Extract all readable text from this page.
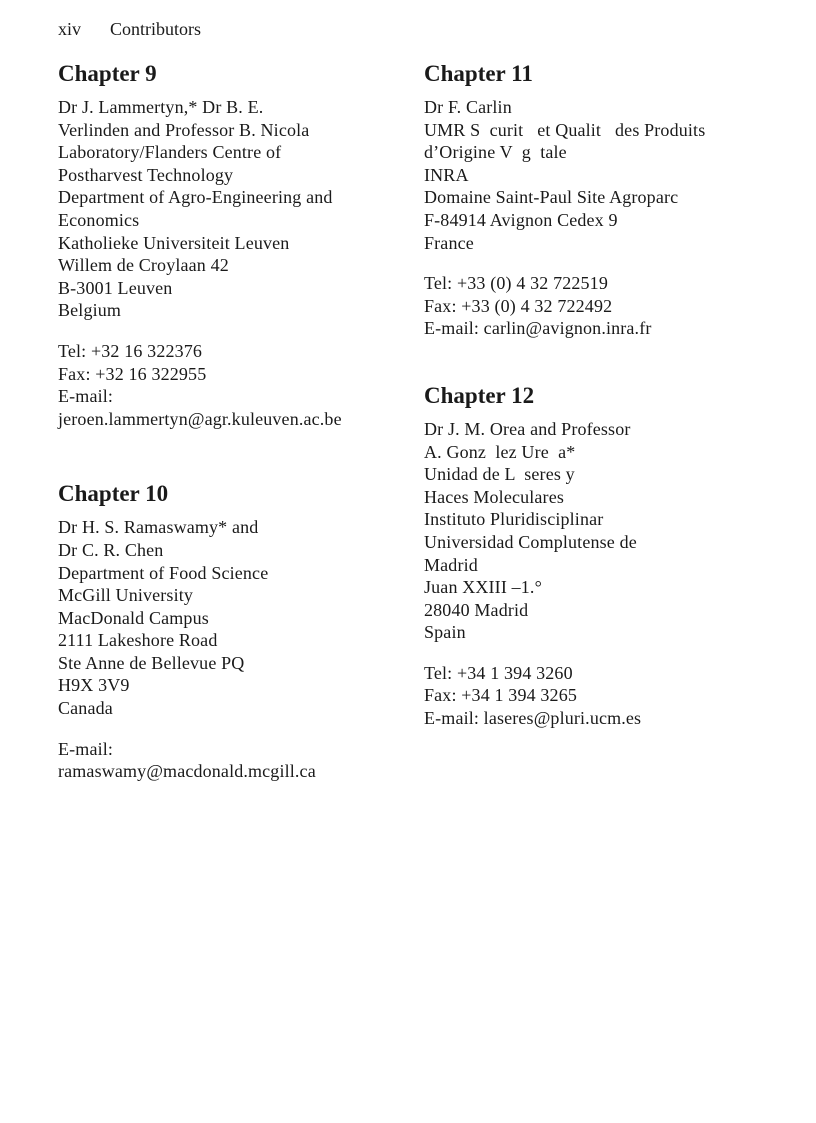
xiv Contributors
Chapter 9
Dr J. Lammertyn,* Dr B. E.
Verlinden and Professor B. Nicola
Laboratory/Flanders Centre of
Postharvest Technology
Department of Agro-Engineering and
Economics
Katholieke Universiteit Leuven
Willem de Croylaan 42
B-3001 Leuven
Belgium
Tel: +32 16 322376
Fax: +32 16 322955
E-mail:
jeroen.lammertyn@agr.kuleuven.ac.be
Chapter 10
Dr H. S. Ramaswamy* and
Dr C. R. Chen
Department of Food Science
McGill University
MacDonald Campus
2111 Lakeshore Road
Ste Anne de Bellevue PQ
H9X 3V9
Canada
E-mail:
ramaswamy@macdonald.mcgill.ca
Chapter 11
Dr F. Carlin
UMR S  curit   et Qualit   des Produits
d’Origine V  g  tale
INRA
Domaine Saint-Paul Site Agroparc
F-84914 Avignon Cedex 9
France
Tel: +33 (0) 4 32 722519
Fax: +33 (0) 4 32 722492
E-mail: carlin@avignon.inra.fr
Chapter 12
Dr J. M. Orea and Professor
A. Gonz  lez Ure  a*
Unidad de L  seres y
Haces Moleculares
Instituto Pluridisciplinar
Universidad Complutense de
Madrid
Juan XXIII –1.°
28040 Madrid
Spain
Tel: +34 1 394 3260
Fax: +34 1 394 3265
E-mail: laseres@pluri.ucm.es
